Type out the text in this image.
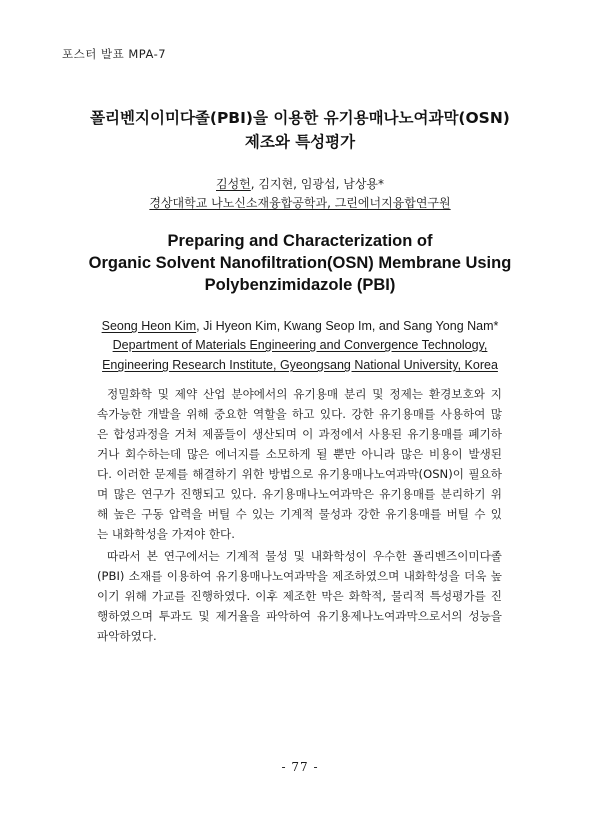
포스터 발표 MPA-7
폴리벤지이미다졸(PBI)을 이용한 유기용매나노여과막(OSN)
제조와 특성평가
김성헌, 김지현, 임광섭, 남상용*
경상대학교 나노신소재융합공학과, 그린에너지융합연구원
Preparing and Characterization of
Organic Solvent Nanofiltration(OSN) Membrane Using
Polybenzimidazole (PBI)
Seong Heon Kim, Ji Hyeon Kim, Kwang Seop Im, and Sang Yong Nam*
Department of Materials Engineering and Convergence Technology,
Engineering Research Institute, Gyeongsang National University, Korea
정밀화학 및 제약 산업 분야에서의 유기용매 분리 및 정제는 환경보호와 지
속가능한 개발을 위해 중요한 역할을 하고 있다. 강한 유기용매를 사용하여 많
은 합성과정을 거쳐 제품들이 생산되며 이 과정에서 사용된 유기용매를 폐기하
거나 회수하는데 많은 에너지를 소모하게 될 뿐만 아니라 많은 비용이 발생된
다. 이러한 문제를 해결하기 위한 방법으로 유기용매나노여과막(OSN)이 필요하
며 많은 연구가 진행되고 있다. 유기용매나노여과막은 유기용매를 분리하기 위
해 높은 구동 압력을 버틸 수 있는 기계적 물성과 강한 유기용매를 버틸 수 있
는 내화학성을 가져야 한다.
따라서 본 연구에서는 기계적 물성 및 내화학성이 우수한 폴리벤즈이미다졸
(PBI) 소재를 이용하여 유기용매나노여과막을 제조하였으며 내화학성을 더욱 높
이기 위해 가교를 진행하였다. 이후 제조한 막은 화학적, 물리적 특성평가를 진
행하였으며 투과도 및 제거율을 파악하여 유기용제나노여과막으로서의 성능을
파악하였다.
- 77 -
